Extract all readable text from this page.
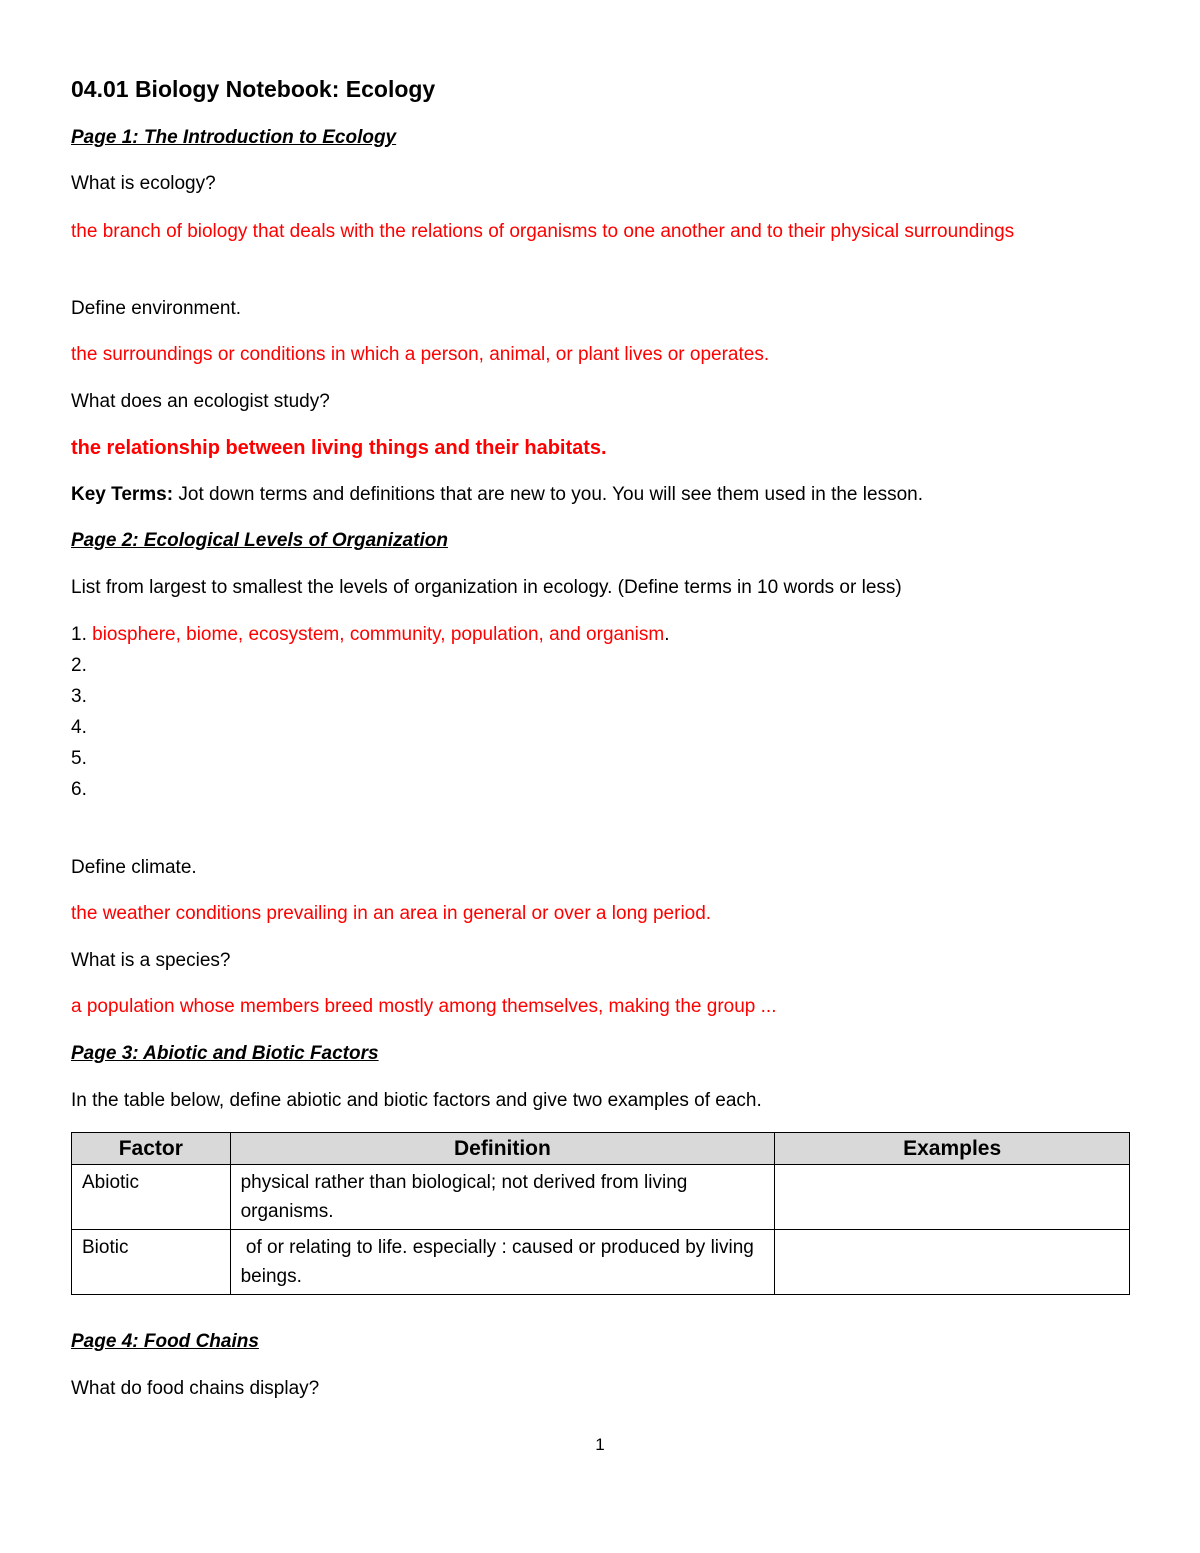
04.01 Biology Notebook: Ecology
Page 1: The Introduction to Ecology
What is ecology?
the branch of biology that deals with the relations of organisms to one another and to their physical surroundings
Define environment.
the surroundings or conditions in which a person, animal, or plant lives or operates.
What does an ecologist study?
the relationship between living things and their habitats.
Key Terms: Jot down terms and definitions that are new to you. You will see them used in the lesson.
Page 2: Ecological Levels of Organization
List from largest to smallest the levels of organization in ecology. (Define terms in 10 words or less)
1. biosphere, biome, ecosystem, community, population, and organism.
2.
3.
4.
5.
6.
Define climate.
the weather conditions prevailing in an area in general or over a long period.
What is a species?
a population whose members breed mostly among themselves, making the group ...
Page 3: Abiotic and Biotic Factors
In the table below, define abiotic and biotic factors and give two examples of each.
Factor	Definition	Examples
Abiotic	physical rather than biological; not derived from living organisms.	
Biotic	of or relating to life. especially : caused or produced by living beings.	
Page 4: Food Chains
What do food chains display?
1
